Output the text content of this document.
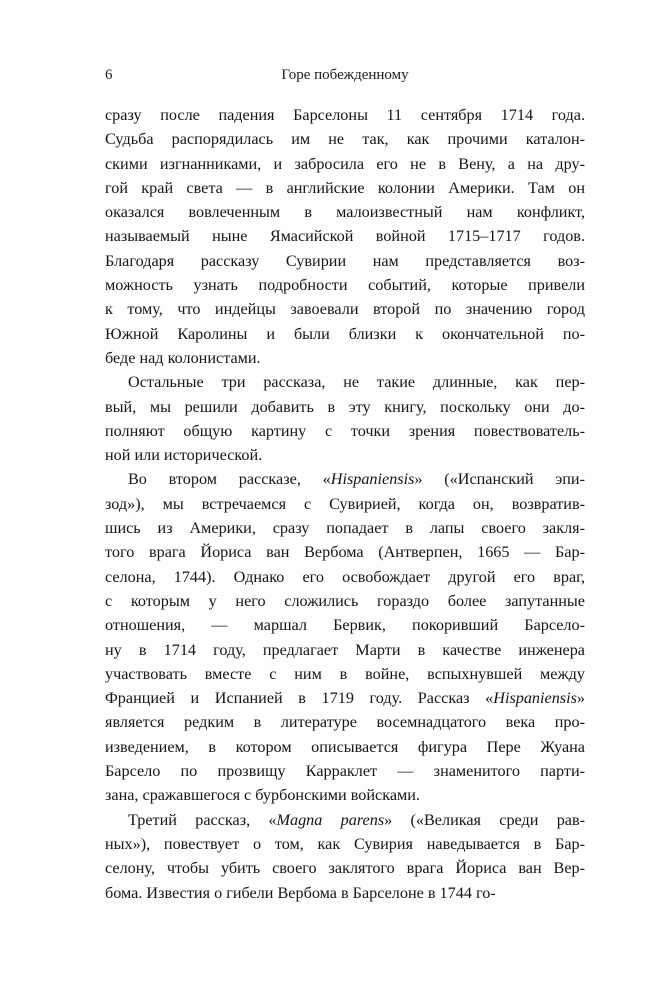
6	Горе побежденному
сразу после падения Барселоны 11 сентября 1714 года.
Судьба распорядилась им не так, как прочими каталон-
скими изгнанниками, и забросила его не в Вену, а на дру-
гой край света — в английские колонии Америки. Там он
оказался вовлеченным в малоизвестный нам конфликт,
называемый ныне Ямасийской войной 1715–1717 годов.
Благодаря рассказу Сувирии нам представляется воз-
можность узнать подробности событий, которые привели
к тому, что индейцы завоевали второй по значению город
Южной Каролины и были близки к окончательной по-
беде над колонистами.
Остальные три рассказа, не такие длинные, как пер-
вый, мы решили добавить в эту книгу, поскольку они до-
полняют общую картину с точки зрения повествователь-
ной или исторической.
Во втором рассказе, «Hispaniensis» («Испанский эпи-
зод»), мы встречаемся с Сувирией, когда он, возвратив-
шись из Америки, сразу попадает в лапы своего закля-
того врага Йориса ван Вербома (Антверпен, 1665 — Бар-
селона, 1744). Однако его освобождает другой его враг,
с которым у него сложились гораздо более запутанные
отношения, — маршал Бервик, покоривший Барсело-
ну в 1714 году, предлагает Марти в качестве инженера
участвовать вместе с ним в войне, вспыхнувшей между
Францией и Испанией в 1719 году. Рассказ «Hispaniensis»
является редким в литературе восемнадцатого века про-
изведением, в котором описывается фигура Пере Жуана
Барсело по прозвищу Карраклет — знаменитого парти-
зана, сражавшегося с бурбонскими войсками.
Третий рассказ, «Magna parens» («Великая среди рав-
ных»), повествует о том, как Сувирия наведывается в Бар-
селону, чтобы убить своего заклятого врага Йориса ван Вер-
бома. Известия о гибели Вербома в Барселоне в 1744 го-
